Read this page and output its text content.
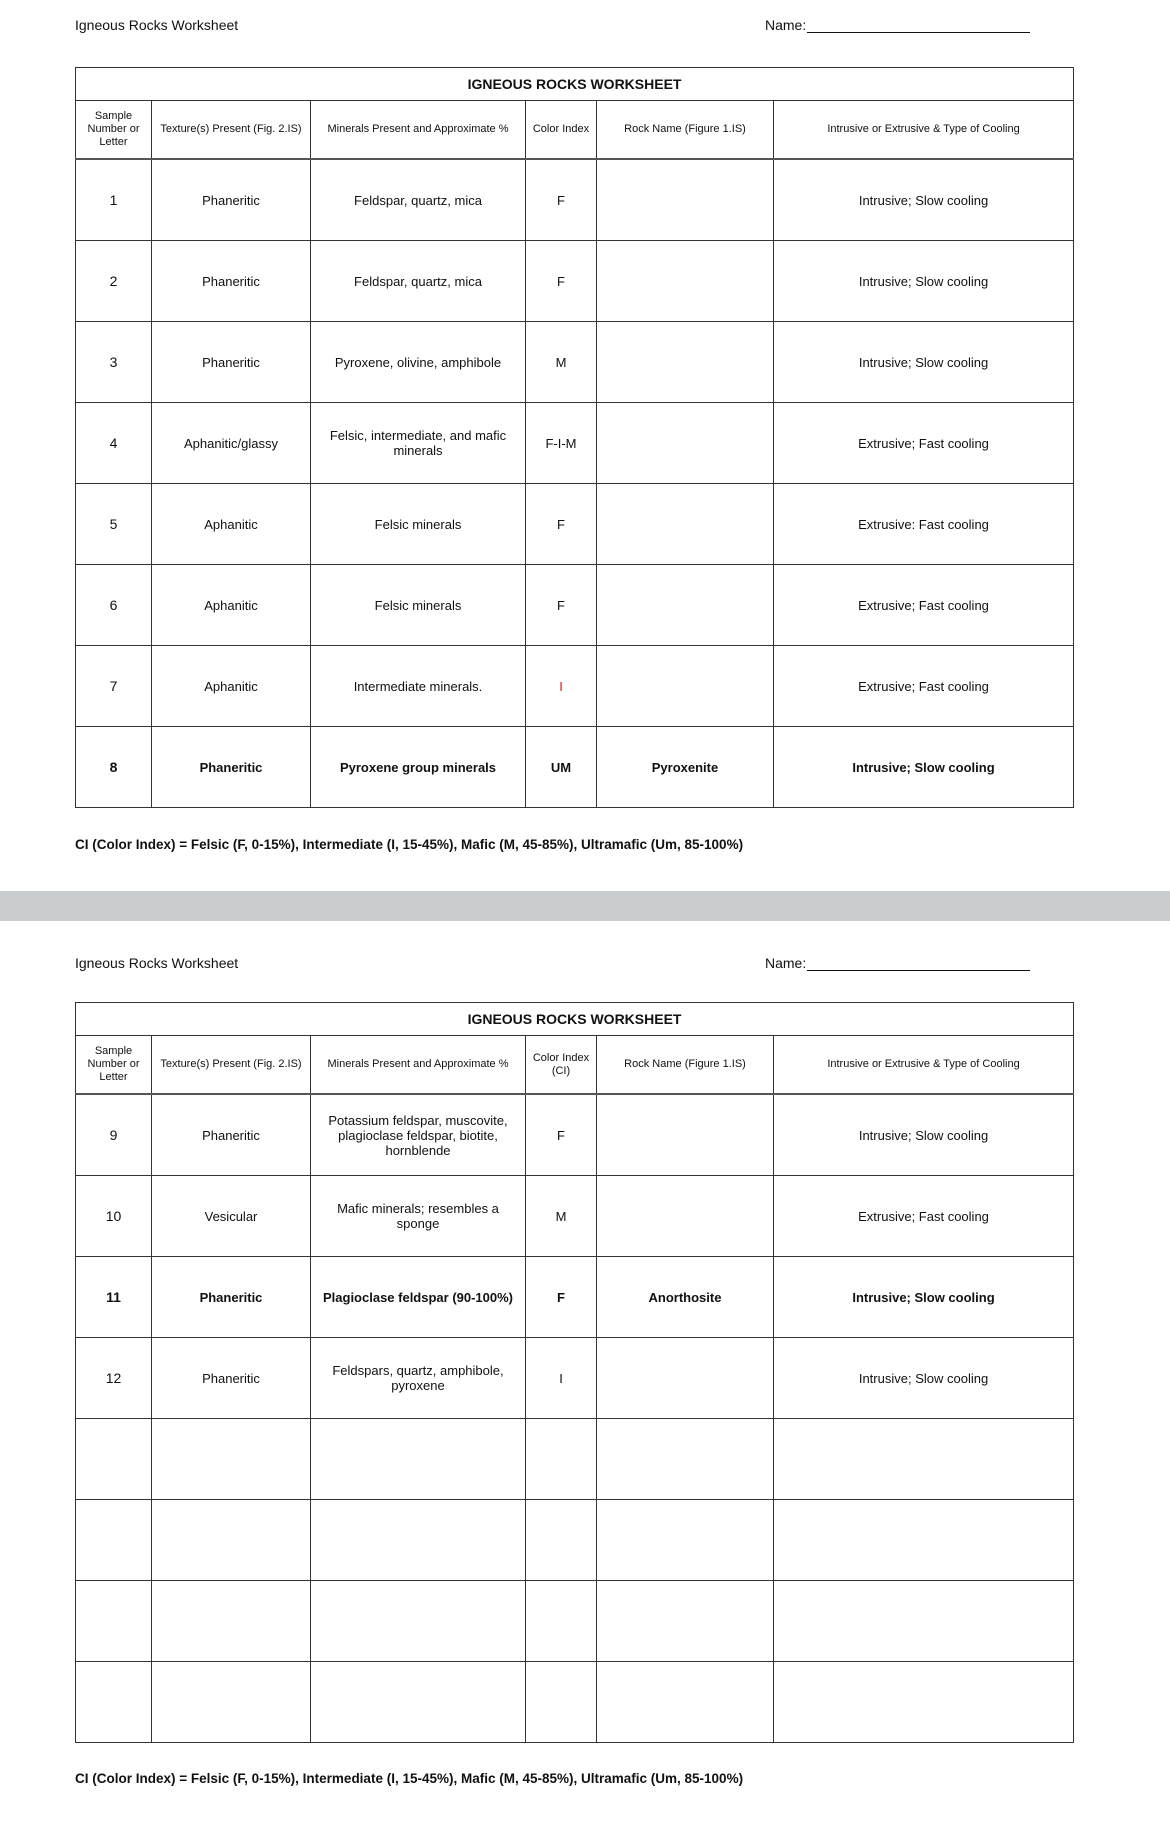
Igneous Rocks Worksheet	Name:
IGNEOUS ROCKS WORKSHEET					
Sample Number or Letter	Texture(s) Present (Fig. 2.IS)	Minerals Present and Approximate %	Color Index	Rock Name (Figure 1.IS)	Intrusive or Extrusive & Type of Cooling
1	Phaneritic	Feldspar, quartz, mica	F		Intrusive; Slow cooling
2	Phaneritic	Feldspar, quartz, mica	F		Intrusive; Slow cooling
3	Phaneritic	Pyroxene, olivine, amphibole	M		Intrusive; Slow cooling
4	Aphanitic/glassy	Felsic, intermediate, and mafic minerals	F-I-M		Extrusive; Fast cooling
5	Aphanitic	Felsic minerals	F		Extrusive: Fast cooling
6	Aphanitic	Felsic minerals	F		Extrusive; Fast cooling
7	Aphanitic	Intermediate minerals.	I		Extrusive; Fast cooling
8	Phaneritic	Pyroxene group minerals	UM	Pyroxenite	Intrusive; Slow cooling
CI (Color Index) = Felsic (F, 0-15%), Intermediate (I, 15-45%), Mafic (M, 45-85%), Ultramafic (Um, 85-100%)
Igneous Rocks Worksheet	Name:
IGNEOUS ROCKS WORKSHEET					
Sample Number or Letter	Texture(s) Present (Fig. 2.IS)	Minerals Present and Approximate %	Color Index (CI)	Rock Name (Figure 1.IS)	Intrusive or Extrusive & Type of Cooling
9	Phaneritic	Potassium feldspar, muscovite, plagioclase feldspar, biotite, hornblende	F		Intrusive; Slow cooling
10	Vesicular	Mafic minerals; resembles a sponge	M		Extrusive; Fast cooling
11	Phaneritic	Plagioclase feldspar (90-100%)	F	Anorthosite	Intrusive; Slow cooling
12	Phaneritic	Feldspars, quartz, amphibole, pyroxene	I		Intrusive; Slow cooling

CI (Color Index) = Felsic (F, 0-15%), Intermediate (I, 15-45%), Mafic (M, 45-85%), Ultramafic (Um, 85-100%)
